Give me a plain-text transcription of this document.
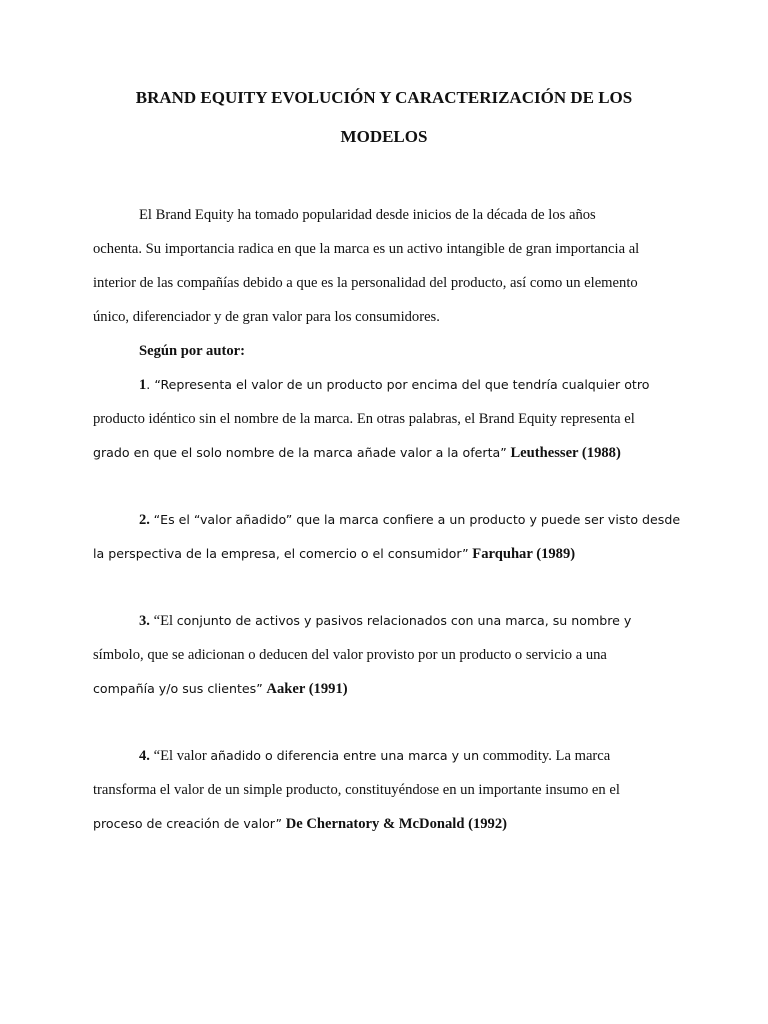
BRAND EQUITY EVOLUCIÓN Y CARACTERIZACIÓN DE LOS
MODELOS

El Brand Equity ha tomado popularidad desde inicios de la década de los años
ochenta. Su importancia radica en que la marca es un activo intangible de gran importancia al
interior de las compañías debido a que es la personalidad del producto, así como un elemento
único, diferenciador y de gran valor para los consumidores.

Según por autor:

1. “Representa el valor de un producto por encima del que tendría cualquier otro
producto idéntico sin el nombre de la marca. En otras palabras, el Brand Equity representa el
grado en que el solo nombre de la marca añade valor a la oferta” Leuthesser (1988)

2. “Es el “valor añadido” que la marca confiere a un producto y puede ser visto desde
la perspectiva de la empresa, el comercio o el consumidor” Farquhar (1989)

3. “El conjunto de activos y pasivos relacionados con una marca, su nombre y
símbolo, que se adicionan o deducen del valor provisto por un producto o servicio a una
compañía y/o sus clientes” Aaker (1991)

4. “El valor añadido o diferencia entre una marca y un commodity. La marca
transforma el valor de un simple producto, constituyéndose en un importante insumo en el
proceso de creación de valor” De Chernatory & McDonald (1992)
